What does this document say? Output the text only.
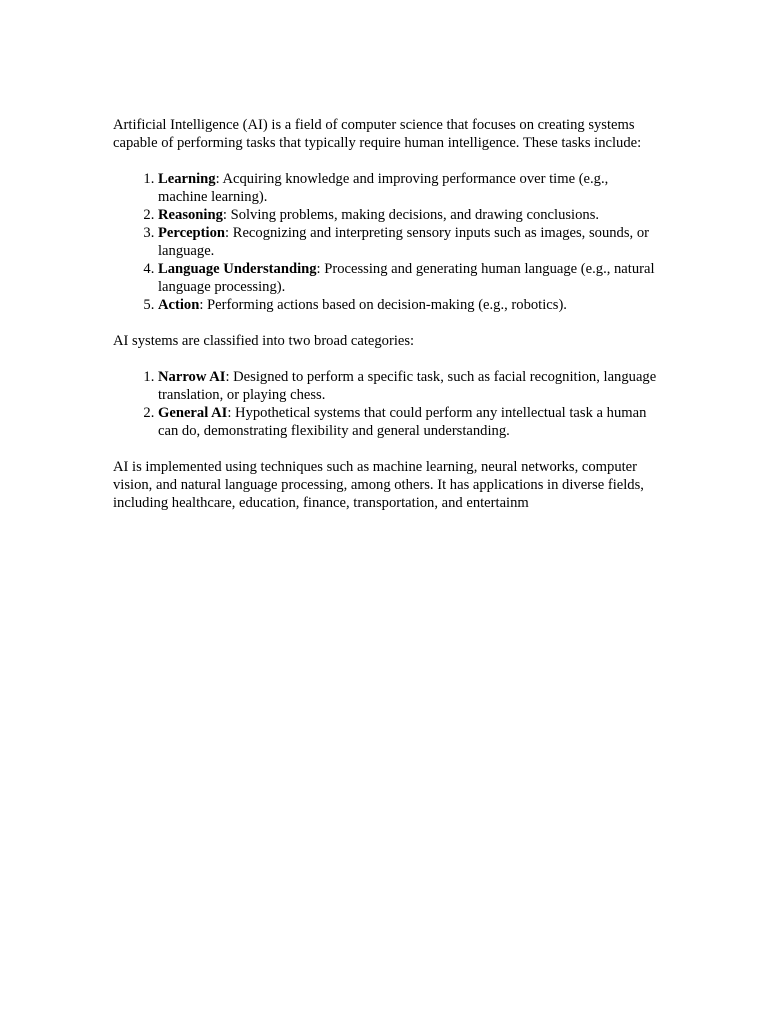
Artificial Intelligence (AI) is a field of computer science that focuses on creating systems capable of performing tasks that typically require human intelligence. These tasks include:

1. Learning: Acquiring knowledge and improving performance over time (e.g., machine learning).
2. Reasoning: Solving problems, making decisions, and drawing conclusions.
3. Perception: Recognizing and interpreting sensory inputs such as images, sounds, or language.
4. Language Understanding: Processing and generating human language (e.g., natural language processing).
5. Action: Performing actions based on decision-making (e.g., robotics).

AI systems are classified into two broad categories:

1. Narrow AI: Designed to perform a specific task, such as facial recognition, language translation, or playing chess.
2. General AI: Hypothetical systems that could perform any intellectual task a human can do, demonstrating flexibility and general understanding.

AI is implemented using techniques such as machine learning, neural networks, computer vision, and natural language processing, among others. It has applications in diverse fields, including healthcare, education, finance, transportation, and entertainm
